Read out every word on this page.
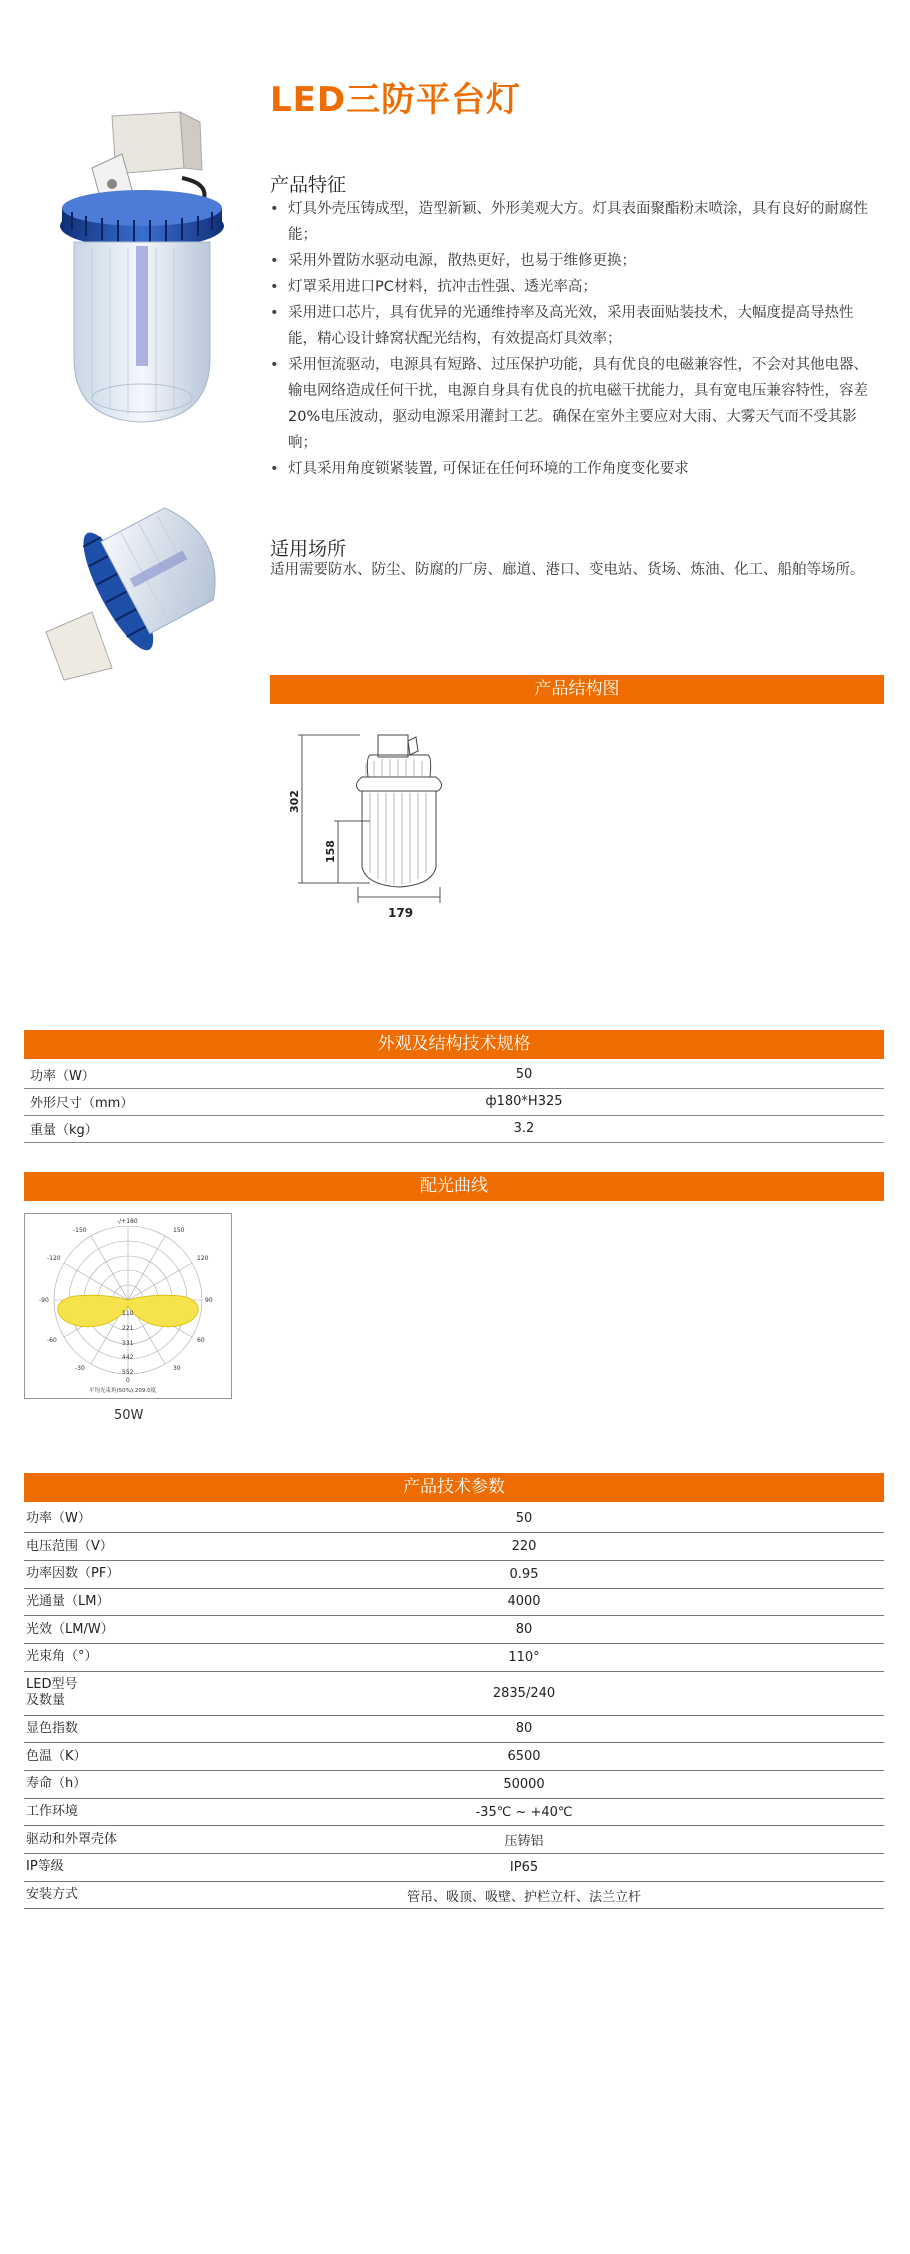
LED三防平台灯
产品特征
• 灯具外壳压铸成型，造型新颖、外形美观大方。灯具表面聚酯粉末喷涂，具有良好的耐腐性能；
• 采用外置防水驱动电源，散热更好，也易于维修更换；
• 灯罩采用进口PC材料，抗冲击性强、透光率高；
• 采用进口芯片，具有优异的光通维持率及高光效，采用表面贴装技术，大幅度提高导热性能，精心设计蜂窝状配光结构，有效提高灯具效率；
• 采用恒流驱动，电源具有短路、过压保护功能，具有优良的电磁兼容性，不会对其他电器、输电网络造成任何干扰，电源自身具有优良的抗电磁干扰能力，具有宽电压兼容特性，容差20%电压波动，驱动电源采用灌封工艺。确保在室外主要应对大雨、大雾天气而不受其影响；
• 灯具采用角度锁紧装置, 可保证在任何环境的工作角度变化要求
适用场所
适用需要防水、防尘、防腐的厂房、廊道、港口、变电站、货场、炼油、化工、船舶等场所。
产品结构图
302
158
179
外观及结构技术规格
功率（W）	50
外形尺寸（mm）	ф180*H325
重量（kg）	3.2
配光曲线
-/+180
-150	150
-120	120
-90	90
-60	60
-30	30
0
110
221
331
442
552
平均光束角(50%):209.0度
50W
产品技术参数
功率（W）	50
电压范围（V）	220
功率因数（PF）	0.95
光通量（LM）	4000
光效（LM/W）	80
光束角（°）	110°
LED型号
及数量	2835/240
显色指数	80
色温（K）	6500
寿命（h）	50000
工作环境	-35℃ ~ +40℃
驱动和外罩壳体	压铸铝
IP等级	IP65
安装方式	管吊、吸顶、吸壁、护栏立杆、法兰立杆
